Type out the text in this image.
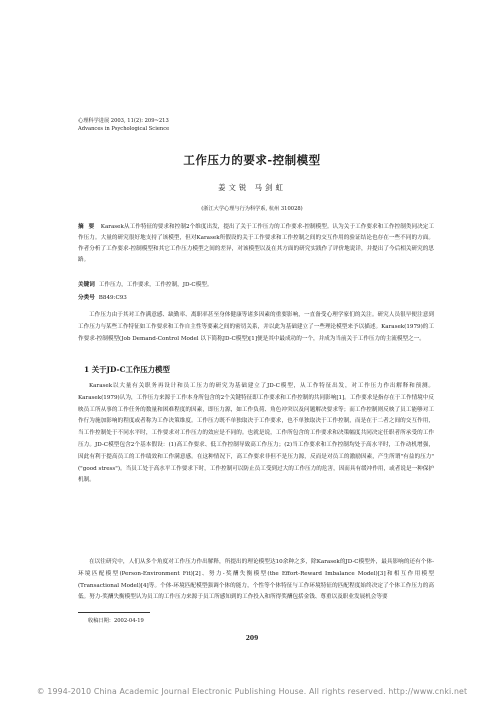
心理科学进展 2003, 11(2): 209~213
Advances in Psychological Science
工作压力的要求-控制模型
姜文锐 马剑虹
(浙江大学心理与行为科学系, 杭州 310028)
摘 要 Karasek从工作特征的要求和控制2个维度出发，提出了关于工作压力的工作要求-控制模型。认为关于工作要求和工作控制类同决定工作压力。大量的研究很好地支持了该模型，但对Karasek所假设的关于工作要求和工作控制之间的交互作用的验证结论也存在一些不同的方面。作者分析了工作要求-控制模型和其它工作压力模型之间的差异，对该模型以及在其方面的研究实践作了评价地说详，并提出了今后相关研究的思路。
关键词 工作压力，工作要求，工作控制，JD-C模型。
分类号 B849:C93

工作压力由于其对工作满意感、缺勤率、离职率甚至身体健康等诸多因素的重要影响，一直备受心理学家们的关注。研究人员很早便注意到工作压力与某些工作特征如工作要求和工作自主性等要素之间的密切关系，并以此为基础建立了一些理论模型来予以描述。Karasek(1979)的工作要求-控制模型(Job Demand-Control Model 以下简称JD-C模型)[1]便是其中最成功的一个，并成为当前关于工作压力的主流模型之一。

1 关于JD-C工作压力模型

Karasek以大量有关职务再设计和员工压力的研究为基础建立了JD-C模型，从工作特征出发，对工作压力作出解释和预测。Karasek(1979)认为，工作压力来源于工作本身所包含的2个关键特征即工作要求和工作控制的共同影响[1]。工作要求是指存在于工作情境中反映员工所从事的工作任务的数量和困难程度的因素，即压力源，如工作负荷、角色冲突以及问题解决要求等；而工作控制则反映了员工能够对工作行为施加影响的程度或者称为工作决策维度。工作压力既不单独取决于工作要求，也不单独取决于工作控制，而是在于二者之间的交互作用，当工作控制处于不同水平时，工作要求对工作压力的效应是不同的。也就是说，工作所包含的工作要求和决策幅度共同决定任职者所承受的工作压力。JD-C模型包含2个基本假设：(1)高工作要求、低工作控制导致高工作压力；(2)当工作要求和工作控制均处于高水平时，工作动机增强，因此有利于提高员工的工作绩效和工作满意感。在这种情况下，高工作要求非但不是压力源，反而是对员工的激励因素，产生所谓"有益的压力"("good stress")。当员工处于高水平工作要求下时，工作控制可以防止员工受到过大的工作压力的危害，因而具有缓冲作用，或者说是一种保护机制。

在以往研究中，人们从多个角度对工作压力作出解释，所提出的理论模型达10余种之多，除Karasek的JD-C模型外，最具影响的还有个体-环境匹配模型(Person-Environment Fit)[2]、努力-奖酬失衡模型(the Effort-Reward Imbalance Model)[3]和相互作用模型(Transactional Model)[4]等。个体-环境匹配模型强调个体的能力，个性等个体特征与工作环境特征的匹配程度始终决定了个体工作压力的高低。努力-奖酬失衡模型认为员工的工作压力来源于员工所感知到的工作投入和所得奖酬包括金钱、尊重以及职业发展机会等要

收稿日期：2002-04-19
209
© 1994-2010 China Academic Journal Electronic Publishing House. All rights reserved. http://www.cnki.net
